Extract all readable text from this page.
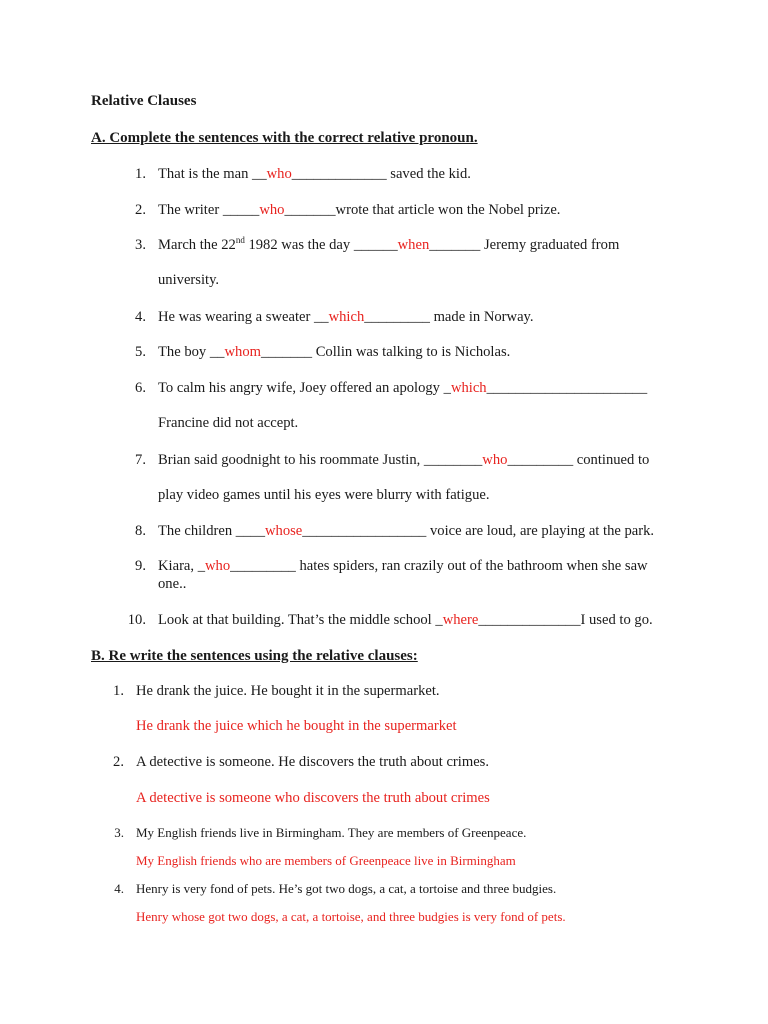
Relative Clauses
A. Complete the sentences with the correct relative pronoun.
1. That is the man __who_____________ saved the kid.
2. The writer _____who_______wrote that article won the Nobel prize.
3. March the 22nd 1982 was the day ______when_______ Jeremy graduated from
university.
4. He was wearing a sweater __which_________ made in Norway.
5. The boy __whom_______ Collin was talking to is Nicholas.
6. To calm his angry wife, Joey offered an apology _which______________________
Francine did not accept.
7. Brian said goodnight to his roommate Justin, ________who_________ continued to
play video games until his eyes were blurry with fatigue.
8. The children ____whose_________________ voice are loud, are playing at the park.
9. Kiara, _who_________ hates spiders, ran crazily out of the bathroom when she saw
one..
10. Look at that building. That’s the middle school _where______________I used to go.
B. Re write the sentences using the relative clauses:
1. He drank the juice. He bought it in the supermarket.
He drank the juice which he bought in the supermarket
2. A detective is someone. He discovers the truth about crimes.
A detective is someone who discovers the truth about crimes
3. My English friends live in Birmingham. They are members of Greenpeace.
My English friends who are members of Greenpeace live in Birmingham
4. Henry is very fond of pets. He’s got two dogs, a cat, a tortoise and three budgies.
Henry whose got two dogs, a cat, a tortoise, and three budgies is very fond of pets.
